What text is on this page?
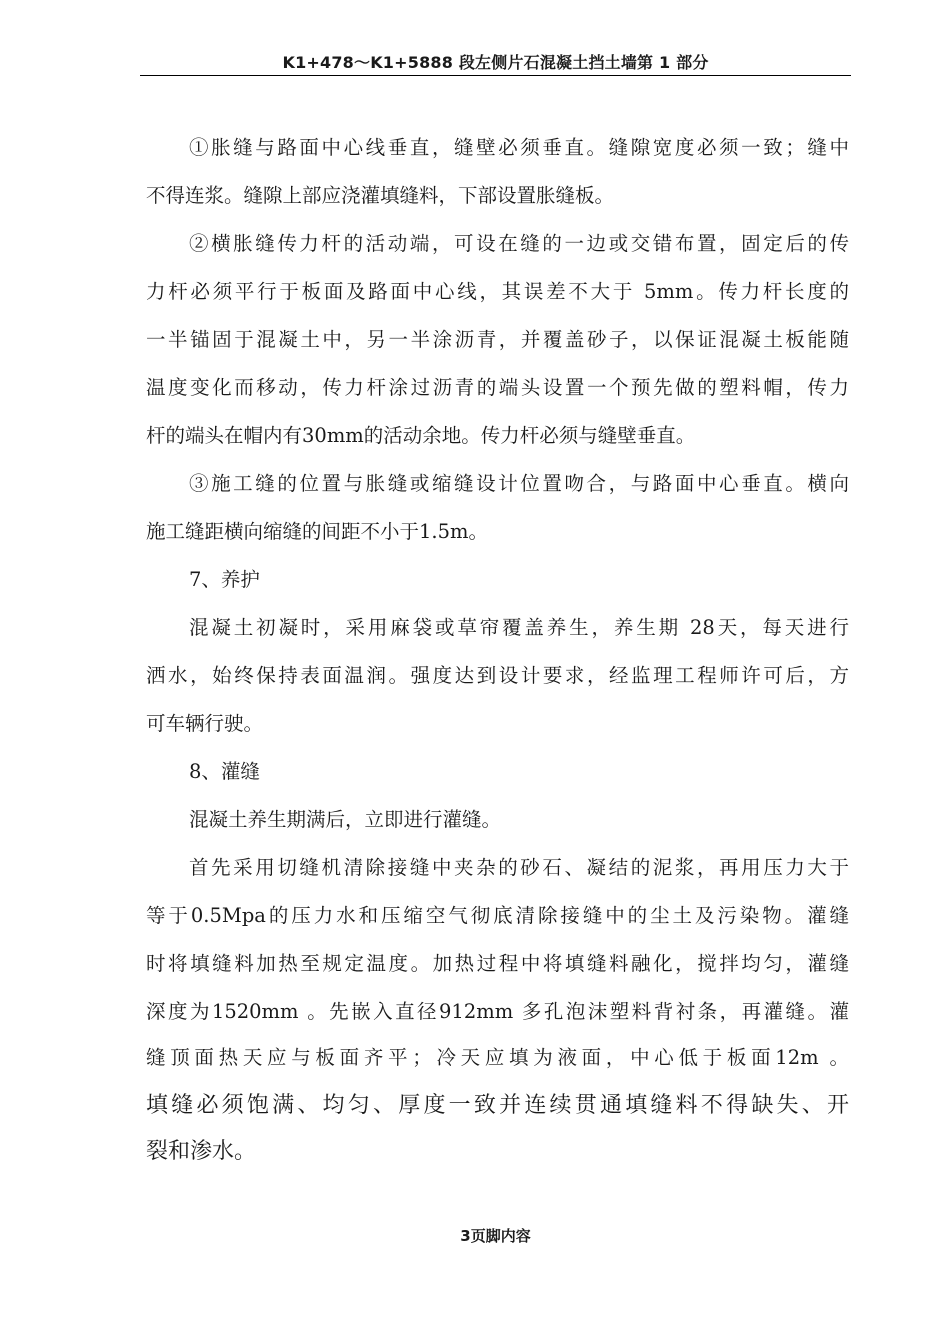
K1+478～K1+5888 段左侧片石混凝土挡土墙第 1 部分
①胀缝与路面中心线垂直，缝壁必须垂直。缝隙宽度必须一致；缝中
不得连浆。缝隙上部应浇灌填缝料，下部设置胀缝板。
②横胀缝传力杆的活动端，可设在缝的一边或交错布置，固定后的传
力杆必须平行于板面及路面中心线，其误差不大于 5mm。传力杆长度的
一半锚固于混凝土中，另一半涂沥青，并覆盖砂子，以保证混凝土板能随
温度变化而移动，传力杆涂过沥青的端头设置一个预先做的塑料帽，传力
杆的端头在帽内有30mm的活动余地。传力杆必须与缝壁垂直。
③施工缝的位置与胀缝或缩缝设计位置吻合，与路面中心垂直。横向
施工缝距横向缩缝的间距不小于1.5m。
7、养护
混凝土初凝时，采用麻袋或草帘覆盖养生，养生期 28天，每天进行
洒水，始终保持表面温润。强度达到设计要求，经监理工程师许可后，方
可车辆行驶。
8、灌缝
混凝土养生期满后，立即进行灌缝。
首先采用切缝机清除接缝中夹杂的砂石、凝结的泥浆，再用压力大于
等于0.5Mpa的压力水和压缩空气彻底清除接缝中的尘土及污染物。灌缝
时将填缝料加热至规定温度。加热过程中将填缝料融化，搅拌均匀，灌缝
深度为1520mm 。先嵌入直径912mm 多孔泡沫塑料背衬条，再灌缝。灌
缝顶面热天应与板面齐平；冷天应填为液面，中心低于板面12m 。
填缝必须饱满、均匀、厚度一致并连续贯通填缝料不得缺失、开
裂和渗水。
3页脚内容
